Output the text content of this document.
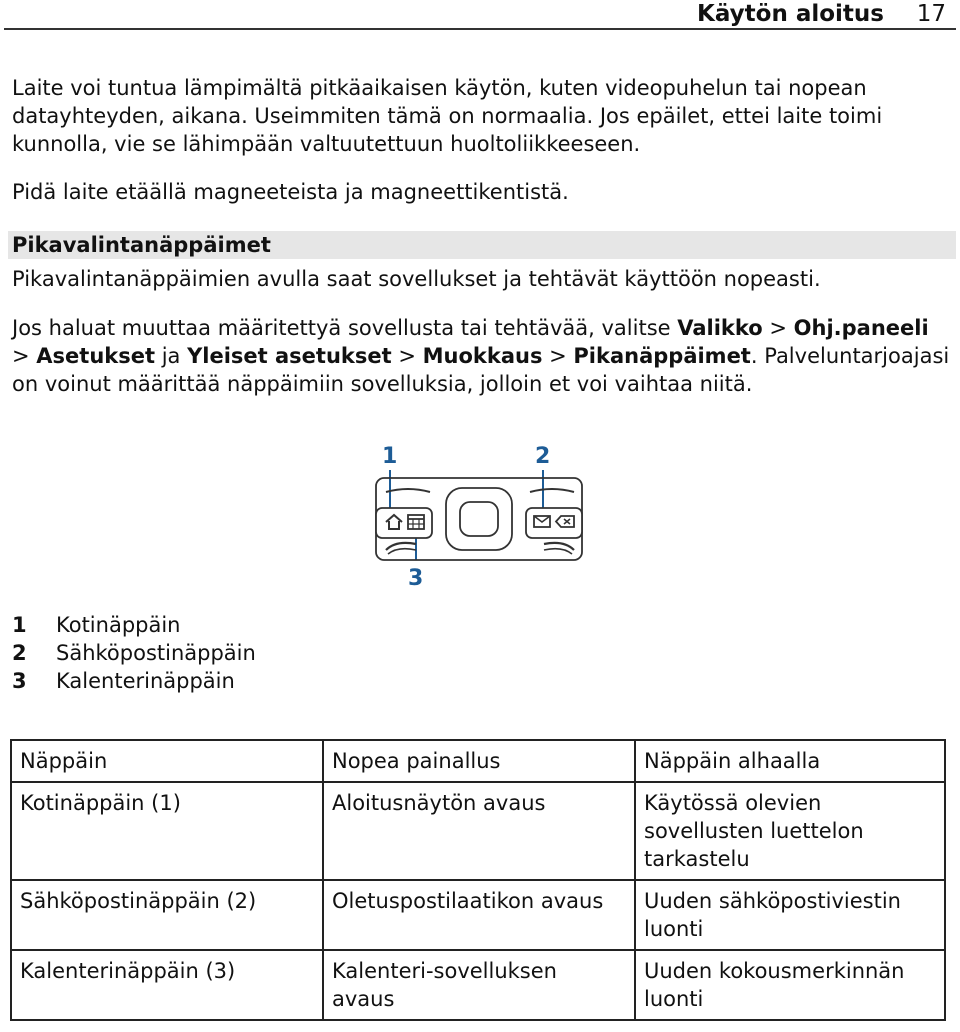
Käytön aloitus 17

Laite voi tuntua lämpimältä pitkäaikaisen käytön, kuten videopuhelun tai nopean datayhteyden, aikana. Useimmiten tämä on normaalia. Jos epäilet, ettei laite toimi kunnolla, vie se lähimpään valtuutettuun huoltoliikkeeseen.

Pidä laite etäällä magneeteista ja magneettikentistä.

Pikavalintanäppäimet

Pikavalintanäppäimien avulla saat sovellukset ja tehtävät käyttöön nopeasti.

Jos haluat muuttaa määritettyä sovellusta tai tehtävää, valitse Valikko > Ohj.paneeli > Asetukset ja Yleiset asetukset > Muokkaus > Pikanäppäimet. Palveluntarjoajasi on voinut määrittää näppäimiin sovelluksia, jolloin et voi vaihtaa niitä.

1	2
3
1	Kotinäppäin
2	Sähköpostinäppäin
3	Kalenterinäppäin
Näppäin	Nopea painallus	Näppäin alhaalla
Kotinäppäin (1)	Aloitusnäytön avaus	Käytössä olevien sovellusten luettelon tarkastelu
Sähköpostinäppäin (2)	Oletuspostilaatikon avaus	Uuden sähköpostiviestin luonti
Kalenterinäppäin (3)	Kalenteri-sovelluksen avaus	Uuden kokousmerkinnän luonti
